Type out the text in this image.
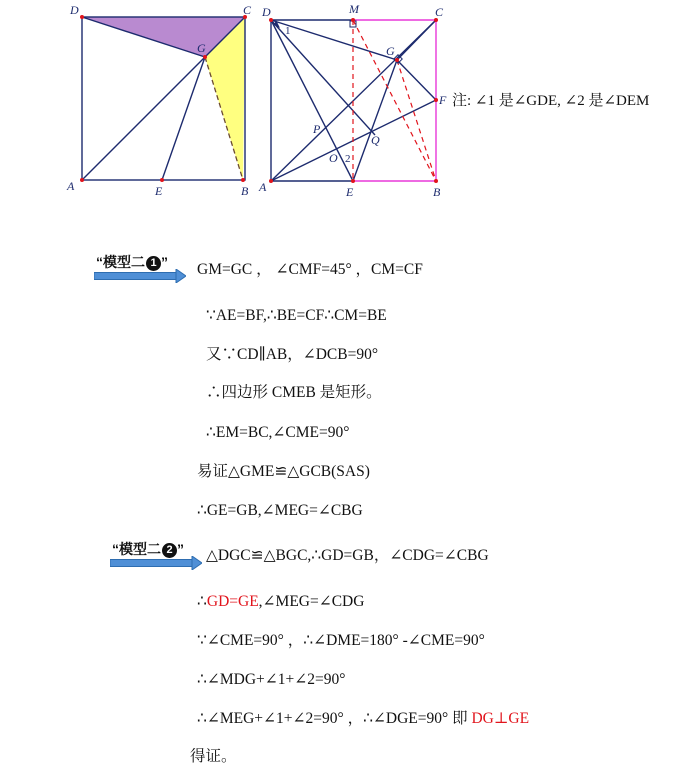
D	C
G
A	E	B
D	M	C
G
F
P
Q
O
A	E	B
1
2
注: ∠1 是∠GDE, ∠2 是∠DEM
“模型二 1 ” GM=GC ， ∠CMF=45° ，CM=CF
∵AE=BF,∴BE=CF∴CM=BE
又∵CD∥AB，∠DCB=90°
∴四边形 CMEB 是矩形。
∴EM=BC,∠CME=90°
易证△GME≌△GCB(SAS)
∴GE=GB,∠MEG=∠CBG
“模型二 2 ” △DGC≌△BGC,∴GD=GB，∠CDG=∠CBG
∴GD=GE,∠MEG=∠CDG
∵∠CME=90° ，∴∠DME=180° -∠CME=90°
∴∠MDG+∠1+∠2=90°
∴∠MEG+∠1+∠2=90° ，∴∠DGE=90° 即 DG⊥GE
得证。
